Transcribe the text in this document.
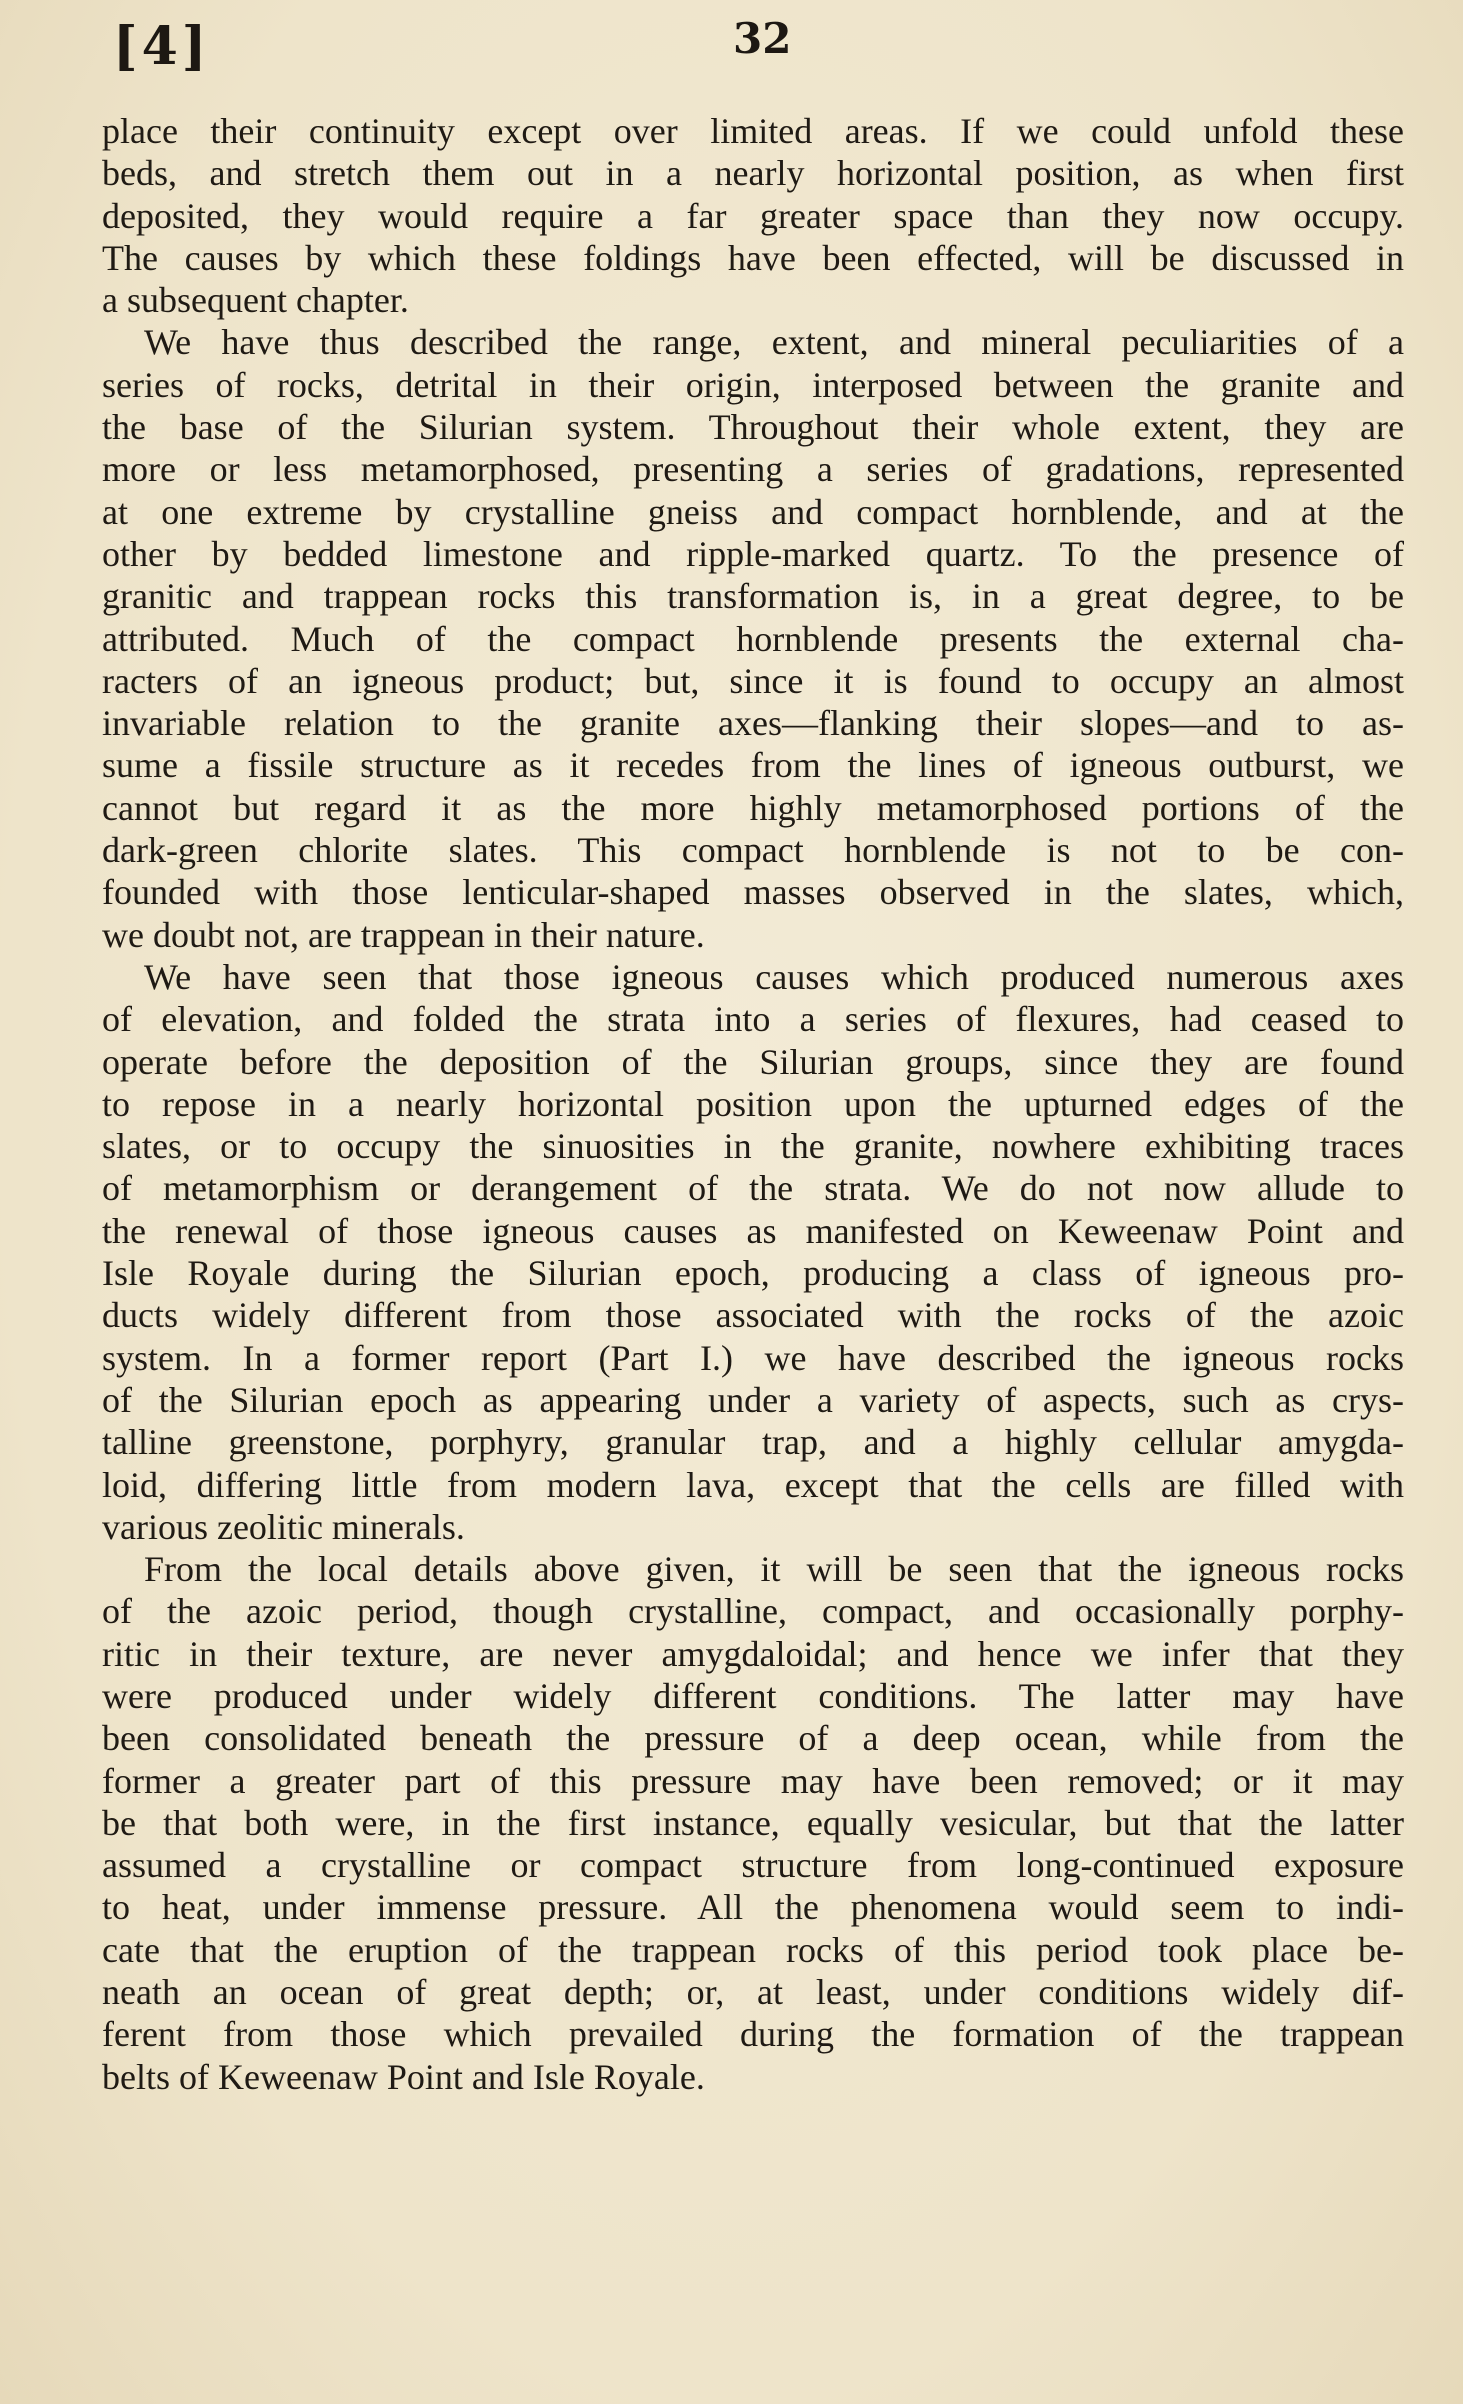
[4]	32
place their continuity except over limited areas. If we could unfold these
beds, and stretch them out in a nearly horizontal position, as when first
deposited, they would require a far greater space than they now occupy.
The causes by which these foldings have been effected, will be discussed in
a subsequent chapter.
We have thus described the range, extent, and mineral peculiarities of a
series of rocks, detrital in their origin, interposed between the granite and
the base of the Silurian system. Throughout their whole extent, they are
more or less metamorphosed, presenting a series of gradations, represented
at one extreme by crystalline gneiss and compact hornblende, and at the
other by bedded limestone and ripple-marked quartz. To the presence of
granitic and trappean rocks this transformation is, in a great degree, to be
attributed. Much of the compact hornblende presents the external cha-
racters of an igneous product; but, since it is found to occupy an almost
invariable relation to the granite axes—flanking their slopes—and to as-
sume a fissile structure as it recedes from the lines of igneous outburst, we
cannot but regard it as the more highly metamorphosed portions of the
dark-green chlorite slates. This compact hornblende is not to be con-
founded with those lenticular-shaped masses observed in the slates, which,
we doubt not, are trappean in their nature.
We have seen that those igneous causes which produced numerous axes
of elevation, and folded the strata into a series of flexures, had ceased to
operate before the deposition of the Silurian groups, since they are found
to repose in a nearly horizontal position upon the upturned edges of the
slates, or to occupy the sinuosities in the granite, nowhere exhibiting traces
of metamorphism or derangement of the strata. We do not now allude to
the renewal of those igneous causes as manifested on Keweenaw Point and
Isle Royale during the Silurian epoch, producing a class of igneous pro-
ducts widely different from those associated with the rocks of the azoic
system. In a former report (Part I.) we have described the igneous rocks
of the Silurian epoch as appearing under a variety of aspects, such as crys-
talline greenstone, porphyry, granular trap, and a highly cellular amygda-
loid, differing little from modern lava, except that the cells are filled with
various zeolitic minerals.
From the local details above given, it will be seen that the igneous rocks
of the azoic period, though crystalline, compact, and occasionally porphy-
ritic in their texture, are never amygdaloidal; and hence we infer that they
were produced under widely different conditions. The latter may have
been consolidated beneath the pressure of a deep ocean, while from the
former a greater part of this pressure may have been removed; or it may
be that both were, in the first instance, equally vesicular, but that the latter
assumed a crystalline or compact structure from long-continued exposure
to heat, under immense pressure. All the phenomena would seem to indi-
cate that the eruption of the trappean rocks of this period took place be-
neath an ocean of great depth; or, at least, under conditions widely dif-
ferent from those which prevailed during the formation of the trappean
belts of Keweenaw Point and Isle Royale.
